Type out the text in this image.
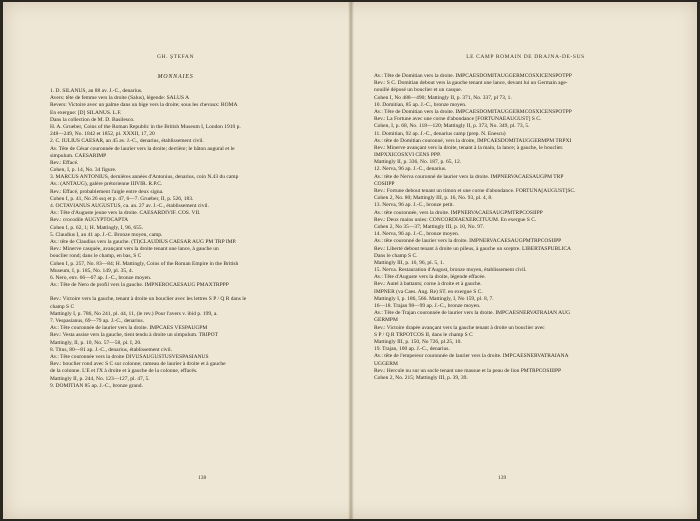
GH. ŞTEFAN

MONNAIES

1. D. SILANUS, an 88 av. J.-C., denarius.

Avers: tête de femme vers la droite (Salus), légende: SALUS A

Revers: Victoire avec un palme dans un bige vers la droite; sous les chevaux: ROMA

En exergue: [D] SILANUS. L.F.

Dans la collection de M. D. Basilesco.

H. A. Grueber, Coins of the Roman Republic in the British Museum I, London 1910 p.

248—249, No. 1842 et 1852, pl. XXXII, 17, 20

2. C. IULIUS CAESAR, an 45 av. J.-C., denarius, établissement civil.

Av. Tête de César couronnée de laurier vers la droite; derrière; le bâton augural et le

simpulum. CAESARIMP

Rev.: Effacé.

Cohen, I, p. 14, No. 34 figure.

3. MARCUS ANTONIUS, dernières années d'Antonius, denarius, coin N.43 du camp

Av.: (ANTAUG), galère prétorienne IIIVIR. R.P.C.

Rev.: Effacé, probablement l'aigle entre deux signa.

Cohen I, p. 41, No 26 ssq et p. 47, 6—7. Grueber, II, p. 526, 183.

4. OCTAVIANUS AUGUSTUS, ca. an. 27 av. J.-C., établissement civil.

Av.: Tête d'Auguste jeune vers la droite. CAESARDIVIF. COS. VII.

Rev.: crocodile AUGYPTOCAPTA

Cohen I, p. 62, 1; H. Mattingly, I, 96, 655.

5. Claudius I, an 41 ap. J.-C. Bronze moyen, camp.

Av.: tête de Claudius vers la gauche. (TI)CLAUDIUS CAESAR AUG PM TRP IMP.

Rev.: Minerve casquée, avançant vers la droite tenant une lance, à gauche un

bouclier rond; dans le champ, en bas, S C

Cohen I, p. 257, No. 83—84; H. Mattingly, Coins of the Roman Empire in the British

Museum, I, p. 185, No. 149, pl. 35, 4.

6. Nero, env. 66—67 ap. J.-C., bronze moyen.

Av.: Tête de Nero de profil vers la gauche. IMPNEROCAESAUG PMAXTRPPP

Rev.: Victoire vers la gauche, tenant à droite un bouclier avec les lettres S P / Q R dans le

champ S C

Mattingly I, p. 786, No 241, pl. 44, 11, (le rev.) Pour l'avers v. ibid p. 199, a.

7. Vespasianus, 69—79 ap. J.-C., denarius.

Av.: Tête couronnée de laurier vers la droite. IMPCAES VESPAUGPM

Rev.: Vesta assise vers la gauche, tient tendu à droite un simpulum. TRIPOT

Mattingly, II, p. 10, No. 57—58, pl. I, 20.

8. Titus, 80—81 ap. J.-C., denarius, établissement civil.

Av.: Tête couronnée vers la droite DIVUSAUGUSTUSVESPASIANUS

Rev.: bouclier rond avec S C sur colonne; rameau de laurier à droite et à gauche

de la colonne. L'E et l'X à droite et à gauche de la colonne, effacés.

Mattingly II, p. 244, No. 123—127, pl. 47, 5.

9. DOMITIAN 85 ap. J.-C., bronze grand.

138

LE CAMP ROMAIN DE DRAJNA-DE-SUS

Av.: Tête de Domitian vers la droite. IMPCAESDOMITAUGGERMCOSXICENSPOTPP

Rev.: S C. Domitian debout vers la gauche tenant une lance, devant lui un Germain age-

nouillé déposé un bouclier et un casque.

Cohen I, No 488—490; Mattingly II, p. 371, No. 337, pl 73, 1.

10. Domitian, 85 ap. J.-C., bronze moyen.

Av.: Tête de Domitian vers la droite. IMPCAESDOMITAUGGERMCOSXICENSPOTPP

Rev.: La Fortune avec une corne d'abondance [FORTUNAEAUGUST] S C.

Cohen, I, p. 68, No. 118—120; Mattingly II, p. 373, No. 349, pl. 73, 5.

11. Domitian, 92 ap. J.-C., denarius camp (prep. N. Enescu)

Av.: tête de Domitian couronné, vers la droite, IMPCAESDOMITAUGGERMPM TRPXI

Rev.: Minerve avançant vers la droite, tenant à la main, la lance; à gauche, le bouclier.

IMPXXICOSXVI CENS PPP.

Mattingly II, p. 336, No. 187, p. 65, 12.

12. Nerva, 96 ap. J.-C., denarius.

Av.: tête de Nerva couronné de laurier vers la droite. IMPNERVACAESAUGPM TRP

COSIIPP

Rev.: Fortune debout tenant un timon et une corne d'abondance. FORTUNA[AUGUST]SC.

Cohen 2, No. 80; Mattingly III, p. 16, No. 93, pl. 4, 8.

13. Nerva, 96 ap. J.-C., bronze petit.

Av.: tête couronnée, vers la droite. IMPNERVACAESAUGPMTRPCOSIIPP

Rev.: Deux mains unies: CONCORDIAEXERCITUUM. En exergue S C.

Cohen 2, No 35—37; Mattingly III, p. 10, No. 97.

14. Nerva, 96 ap. J.-C., bronze moyen.

Av.: tête couronné de laurier vers la droite. IMPNERVACAESAUGPMTRPCOSIIPP

Rev.: Liberté debout tenant à droite un pileus, à gauche un sceptre. LIBERTASPUBLICA

Dans le champ S C.

Mattingly III, p. 16, 96, pl. 5, 1.

15. Nerva. Restauration d'August, bronze moyen, établissement civil.

Av.: Tête d'Auguste vers la droite, légende effacée.

Rev.: Autel à battants; corne à droite et à gauche.

IMPNER (va Caes. Aug. Re) ST. en exergue S C.

Mattingly I, p. 186, 566. Mattingly, I, No 159, pl. 8, 7.

16—18. Trajan 98—99 ap. J.-C., bronze moyen.

Av.: Tête de Trajan couronnée de laurier vers la droite. IMPCAESNERVATRAIAN AUG

GERMPM

Rev.: Victoire drapée avançant vers la gauche tenant à droite un bouclier avec

S P / Q R TRPOTCOS II, dans le champ S C

Mattingly III, p. 150, No 726, pl.25, 10.

19. Trajan, 100 ap. J.-C., denarius.

Av.: tête de l'empereur couronnée de laurier vers la droite. IMPCAESNERVATRAIANA

UGGERM

Rev.: Hercule nu sur un socle tenant une massue et la peau de lion PMTRPCOSIIIPP

Cohen 2, No. 215; Mattingly III, p. 39, 39.

139
